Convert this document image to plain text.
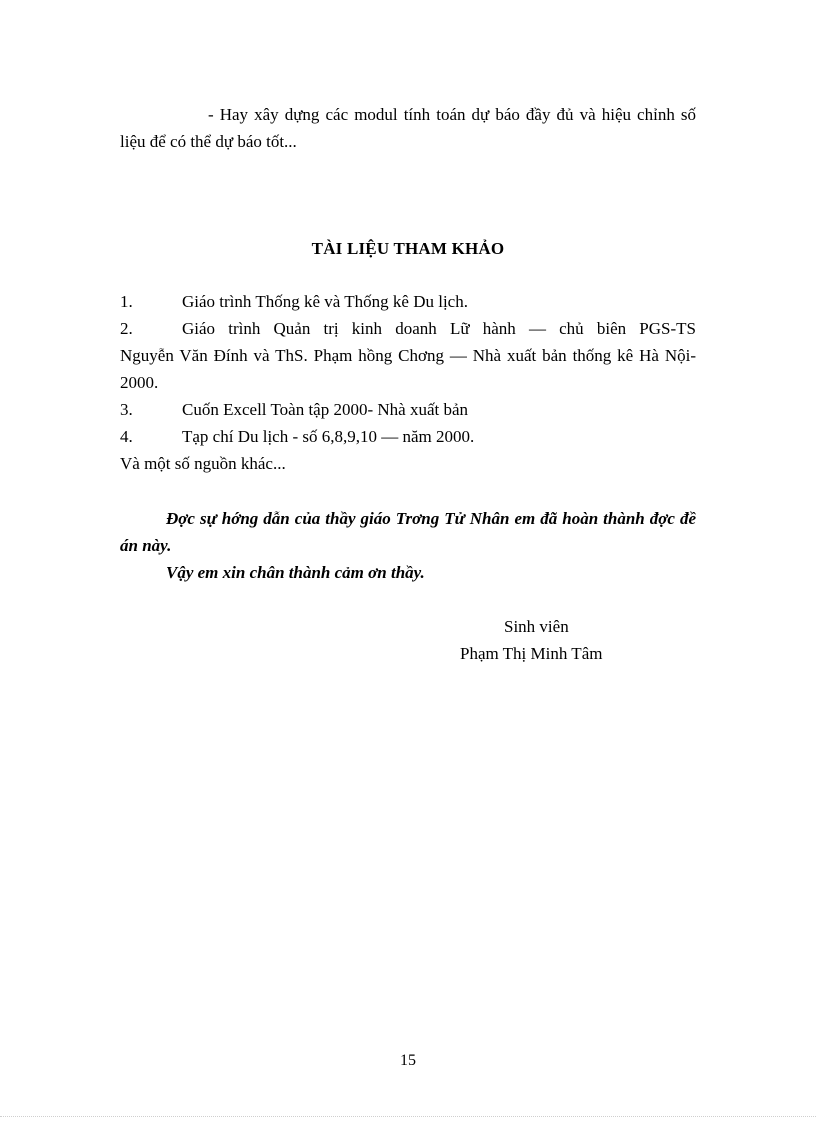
- Hay xây dựng các modul tính toán dự báo đầy đủ và hiệu chỉnh số liệu để có thể dự báo tốt...
TÀI LIỆU THAM KHẢO
1.	Giáo trình Thống kê và Thống kê Du lịch.
2.	Giáo trình Quản trị kinh doanh Lữ hành — chủ biên PGS-TS
Nguyễn Văn Đính và ThS. Phạm hồng Chơng — Nhà xuất bản thống kê Hà Nội-2000.
3.	Cuốn Excell Toàn tập 2000- Nhà xuất bản
4.	Tạp chí Du lịch - số 6,8,9,10 — năm 2000.
Và một số nguồn khác...

Đợc sự hớng dẫn của thầy giáo Trơng Tử Nhân em đã hoàn thành đợc đề án này.

Vậy em xin chân thành cảm ơn thầy.

Sinh viên
Phạm Thị Minh Tâm
15
